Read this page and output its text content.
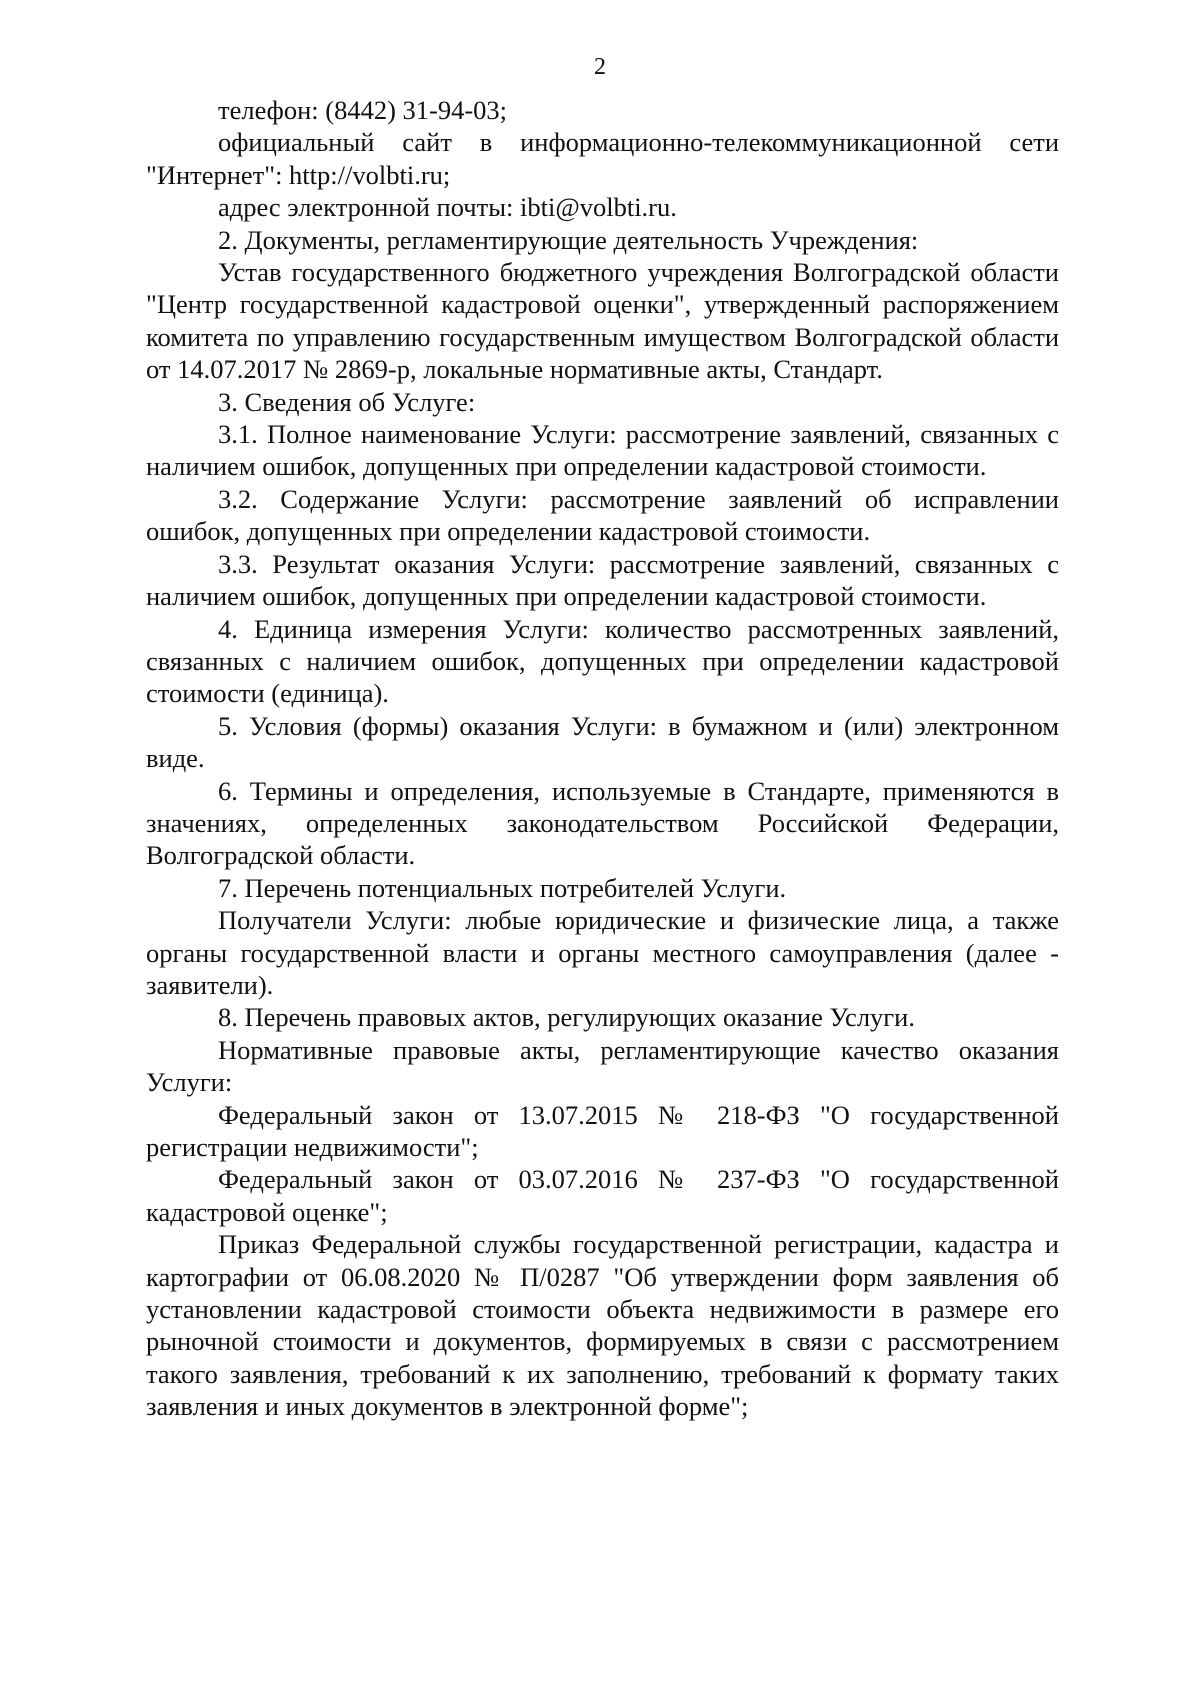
2

телефон: (8442) 31-94-03;

официальный сайт в информационно-телекоммуникационной сети "Интернет": http://volbti.ru;

адрес электронной почты: ibti@volbti.ru.

2. Документы, регламентирующие деятельность Учреждения:

Устав государственного бюджетного учреждения Волгоградской области "Центр государственной кадастровой оценки", утвержденный распоряжением комитета по управлению государственным имуществом Волгоградской области от 14.07.2017 № 2869-р, локальные нормативные акты, Стандарт.

3. Сведения об Услуге:

3.1. Полное наименование Услуги: рассмотрение заявлений, связанных с наличием ошибок, допущенных при определении кадастровой стоимости.

3.2. Содержание Услуги: рассмотрение заявлений об исправлении ошибок, допущенных при определении кадастровой стоимости.

3.3. Результат оказания Услуги: рассмотрение заявлений, связанных с наличием ошибок, допущенных при определении кадастровой стоимости.

4. Единица измерения Услуги: количество рассмотренных заявлений, связанных с наличием ошибок, допущенных при определении кадастровой стоимости (единица).

5. Условия (формы) оказания Услуги: в бумажном и (или) электронном виде.

6. Термины и определения, используемые в Стандарте, применяются в значениях, определенных законодательством Российской Федерации, Волгоградской области.

7. Перечень потенциальных потребителей Услуги.

Получатели Услуги: любые юридические и физические лица, а также органы государственной власти и органы местного самоуправления (далее - заявители).

8. Перечень правовых актов, регулирующих оказание Услуги.

Нормативные правовые акты, регламентирующие качество оказания Услуги:

Федеральный закон от 13.07.2015 № 218-ФЗ "О государственной регистрации недвижимости";

Федеральный закон от 03.07.2016 № 237-ФЗ "О государственной кадастровой оценке";

Приказ Федеральной службы государственной регистрации, кадастра и картографии от 06.08.2020 № П/0287 "Об утверждении форм заявления об установлении кадастровой стоимости объекта недвижимости в размере его рыночной стоимости и документов, формируемых в связи с рассмотрением такого заявления, требований к их заполнению, требований к формату таких заявления и иных документов в электронной форме";
